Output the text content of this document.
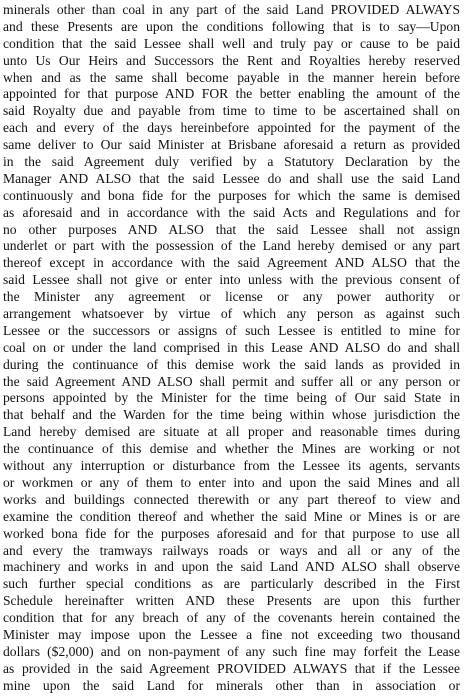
minerals other than coal in any part of the said Land PROVIDED ALWAYS
and these Presents are upon the conditions following that is to say—Upon
condition that the said Lessee shall well and truly pay or cause to be paid
unto Us Our Heirs and Successors the Rent and Royalties hereby reserved
when and as the same shall become payable in the manner herein before
appointed for that purpose AND FOR the better enabling the amount of the
said Royalty due and payable from time to time to be ascertained shall on
each and every of the days hereinbefore appointed for the payment of the
same deliver to Our said Minister at Brisbane aforesaid a return as provided
in the said Agreement duly verified by a Statutory Declaration by the
Manager AND ALSO that the said Lessee do and shall use the said Land
continuously and bona fide for the purposes for which the same is demised
as aforesaid and in accordance with the said Acts and Regulations and for
no other purposes AND ALSO that the said Lessee shall not assign
underlet or part with the possession of the Land hereby demised or any part
thereof except in accordance with the said Agreement AND ALSO that the
said Lessee shall not give or enter into unless with the previous consent of
the Minister any agreement or license or any power authority or
arrangement whatsoever by virtue of which any person as against such
Lessee or the successors or assigns of such Lessee is entitled to mine for
coal on or under the land comprised in this Lease AND ALSO do and shall
during the continuance of this demise work the said lands as provided in
the said Agreement AND ALSO shall permit and suffer all or any person or
persons appointed by the Minister for the time being of Our said State in
that behalf and the Warden for the time being within whose jurisdiction the
Land hereby demised are situate at all proper and reasonable times during
the continuance of this demise and whether the Mines are working or not
without any interruption or disturbance from the Lessee its agents, servants
or workmen or any of them to enter into and upon the said Mines and all
works and buildings connected therewith or any part thereof to view and
examine the condition thereof and whether the said Mine or Mines is or are
worked bona fide for the purposes aforesaid and for that purpose to use all
and every the tramways railways roads or ways and all or any of the
machinery and works in and upon the said Land AND ALSO shall observe
such further special conditions as are particularly described in the First
Schedule hereinafter written AND these Presents are upon this further
condition that for any breach of any of the covenants herein contained the
Minister may impose upon the Lessee a fine not exceeding two thousand
dollars ($2,000) and on non-payment of any such fine may forfeit the Lease
as provided in the said Agreement PROVIDED ALWAYS that if the Lessee
mine upon the said Land for minerals other than in association or
